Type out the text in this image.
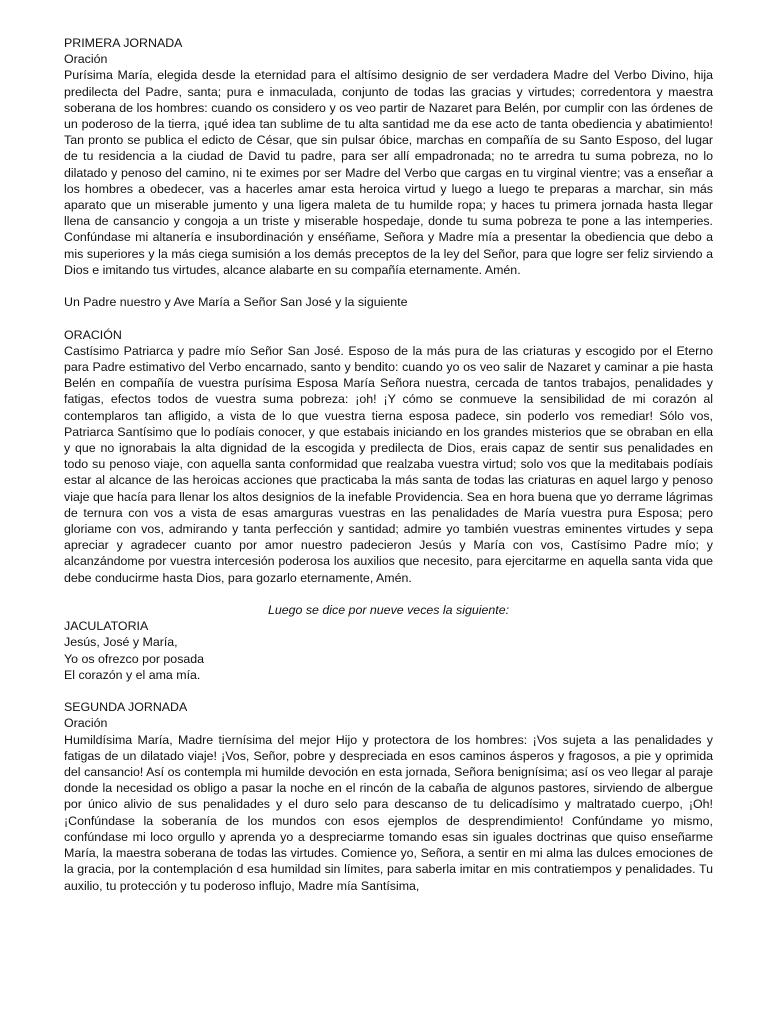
PRIMERA JORNADA
Oración

Purísima María, elegida desde la eternidad para el altísimo designio de ser verdadera Madre del Verbo Divino, hija predilecta del Padre, santa; pura e inmaculada, conjunto de todas las gracias y virtudes; corredentora y maestra soberana de los hombres: cuando os considero y os veo partir de Nazaret para Belén, por cumplir con las órdenes de un poderoso de la tierra, ¡qué idea tan sublime de tu alta santidad me da ese acto de tanta obediencia y abatimiento! Tan pronto se publica el edicto de César, que sin pulsar óbice, marchas en compañía de su Santo Esposo, del lugar de tu residencia a la ciudad de David tu padre, para ser allí empadronada; no te arredra tu suma pobreza, no lo dilatado y penoso del camino, ni te eximes por ser Madre del Verbo que cargas en tu virginal vientre; vas a enseñar a los hombres a obedecer, vas a hacerles amar esta heroica virtud y luego a luego te preparas a marchar, sin más aparato que un miserable jumento y una ligera maleta de tu humilde ropa; y haces tu primera jornada hasta llegar llena de cansancio y congoja a un triste y miserable hospedaje, donde tu suma pobreza te pone a las intemperies. Confúndase mi altanería e insubordinación y enséñame, Señora y Madre mía a presentar la obediencia que debo a mis superiores y la más ciega sumisión a los demás preceptos de la ley del Señor, para que logre ser feliz sirviendo a Dios e imitando tus virtudes, alcance alabarte en su compañía eternamente. Amén.

Un Padre nuestro y Ave María a Señor San José y la siguiente
ORACIÓN

Castísimo Patriarca y padre mío Señor San José. Esposo de la más pura de las criaturas y escogido por el Eterno para Padre estimativo del Verbo encarnado, santo y bendito: cuando yo os veo salir de Nazaret y caminar a pie hasta Belén en compañía de vuestra purísima Esposa María Señora nuestra, cercada de tantos trabajos, penalidades y fatigas, efectos todos de vuestra suma pobreza: ¡oh! ¡Y cómo se conmueve la sensibilidad de mi corazón al contemplaros tan afligido, a vista de lo que vuestra tierna esposa padece, sin poderlo vos remediar! Sólo vos, Patriarca Santísimo que lo podíais conocer, y que estabais iniciando en los grandes misterios que se obraban en ella y que no ignorabais la alta dignidad de la escogida y predilecta de Dios, erais capaz de sentir sus penalidades en todo su penoso viaje, con aquella santa conformidad que realzaba vuestra virtud; solo vos que la meditabais podíais estar al alcance de las heroicas acciones que practicaba la más santa de todas las criaturas en aquel largo y penoso viaje que hacía para llenar los altos designios de la inefable Providencia. Sea en hora buena que yo derrame lágrimas de ternura con vos a vista de esas amarguras vuestras en las penalidades de María vuestra pura Esposa; pero gloriame con vos, admirando y tanta perfección y santidad; admire yo también vuestras eminentes virtudes y sepa apreciar y agradecer cuanto por amor nuestro padecieron Jesús y María con vos, Castísimo Padre mío; y alcanzándome por vuestra intercesión poderosa los auxilios que necesito, para ejercitarme en aquella santa vida que debe conducirme hasta Dios, para gozarlo eternamente, Amén.

Luego se dice por nueve veces la siguiente:
JACULATORIA
Jesús, José y María,
Yo os ofrezco por posada
El corazón y el ama mía.
SEGUNDA JORNADA
Oración

Humildísima María, Madre tiernísima del mejor Hijo y protectora de los hombres: ¡Vos sujeta a las penalidades y fatigas de un dilatado viaje! ¡Vos, Señor, pobre y despreciada en esos caminos ásperos y fragosos, a pie y oprimida del cansancio! Así os contempla mi humilde devoción en esta jornada, Señora benignísima; así os veo llegar al paraje donde la necesidad os obligo a pasar la noche en el rincón de la cabaña de algunos pastores, sirviendo de albergue por único alivio de sus penalidades y el duro selo para descanso de tu delicadísimo y maltratado cuerpo, ¡Oh! ¡Confúndase la soberanía de los mundos con esos ejemplos de desprendimiento! Confúndame yo mismo, confúndase mi loco orgullo y aprenda yo a despreciarme tomando esas sin iguales doctrinas que quiso enseñarme María, la maestra soberana de todas las virtudes. Comience yo, Señora, a sentir en mi alma las dulces emociones de la gracia, por la contemplación d esa humildad sin límites, para saberla imitar en mis contratiempos y penalidades. Tu auxilio, tu protección y tu poderoso influjo, Madre mía Santísima,
